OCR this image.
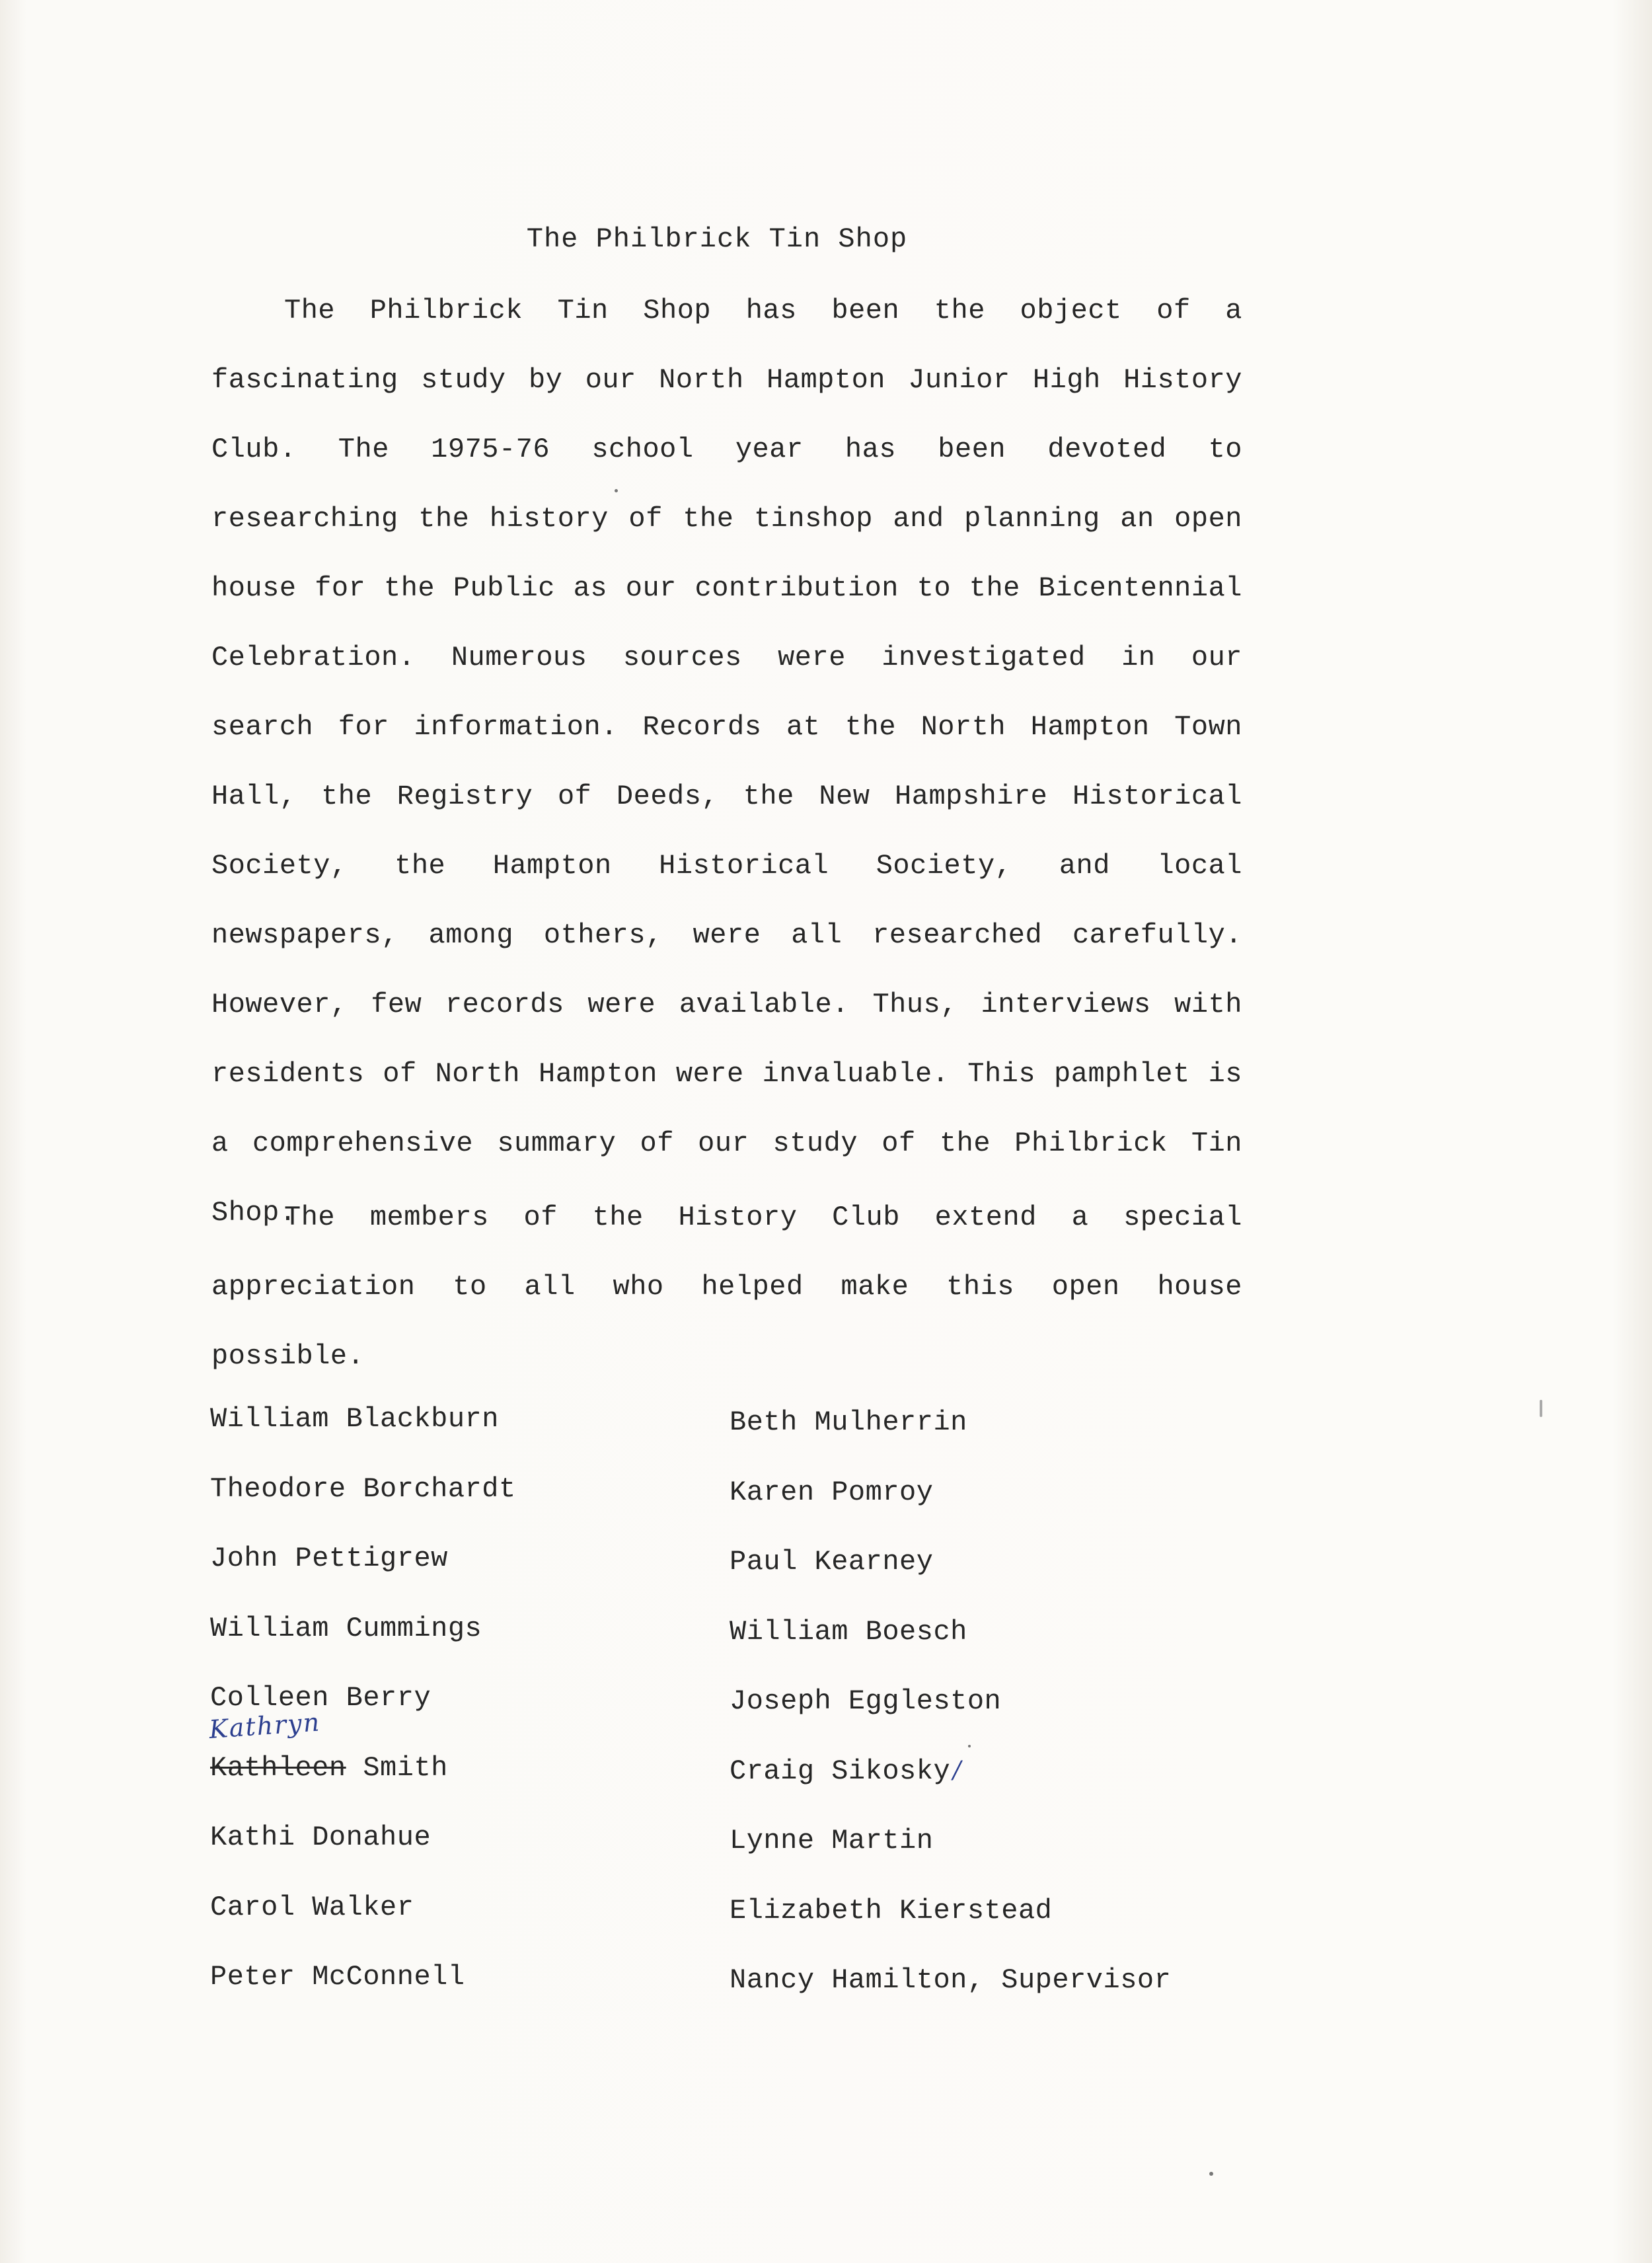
The Philbrick Tin Shop

The Philbrick Tin Shop has been the object of a fascinating study by our North Hampton Junior High History Club. The 1975-76 school year has been devoted to researching the history of the tinshop and planning an open house for the Public as our contribution to the Bicentennial Celebration. Numerous sources were investigated in our search for information. Records at the North Hampton Town Hall, the Registry of Deeds, the New Hampshire Historical Society, the Hampton Historical Society, and local newspapers, among others, were all researched carefully. However, few records were available. Thus, interviews with residents of North Hampton were invaluable. This pamphlet is a comprehensive summary of our study of the Philbrick Tin Shop.

The members of the History Club extend a special appreciation to all who helped make this open house possible.

William Blackburn
Theodore Borchardt
John Pettigrew
William Cummings
Colleen Berry
Kathleen Smith
Kathi Donahue
Carol Walker
Peter McConnell
Beth Mulherrin
Karen Pomroy
Paul Kearney
William Boesch
Joseph Eggleston
Craig Sikosky
Lynne Martin
Elizabeth Kierstead
Nancy Hamilton, Supervisor
Kathryn
/
